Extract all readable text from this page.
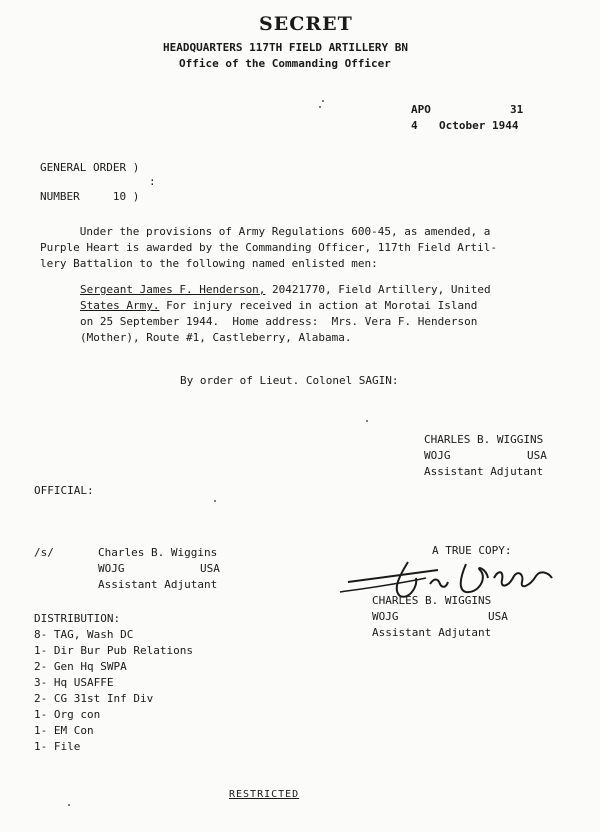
SECRET
HEADQUARTERS 117TH FIELD ARTILLERY BN
Office of the Commanding Officer
APO	31
4 October 1944
GENERAL ORDER )
:
NUMBER     10 )
Under the provisions of Army Regulations 600-45, as amended, a
Purple Heart is awarded by the Commanding Officer, 117th Field Artil-
lery Battalion to the following named enlisted men:
Sergeant James F. Henderson, 20421770, Field Artillery, United
States Army. For injury received in action at Morotai Island
on 25 September 1944.  Home address:  Mrs. Vera F. Henderson
(Mother), Route #1, Castleberry, Alabama.
By order of Lieut. Colonel SAGIN:
CHARLES B. WIGGINS
WOJG	USA
Assistant Adjutant
OFFICIAL:
/s/	Charles B. Wiggins
WOJG	USA
Assistant Adjutant
A TRUE COPY:
CHARLES B. WIGGINS
WOJG	USA
Assistant Adjutant
DISTRIBUTION:
8- TAG, Wash DC
1- Dir Bur Pub Relations
2- Gen Hq SWPA
3- Hq USAFFE
2- CG 31st Inf Div
1- Org con
1- EM Con
1- File
RESTRICTED
